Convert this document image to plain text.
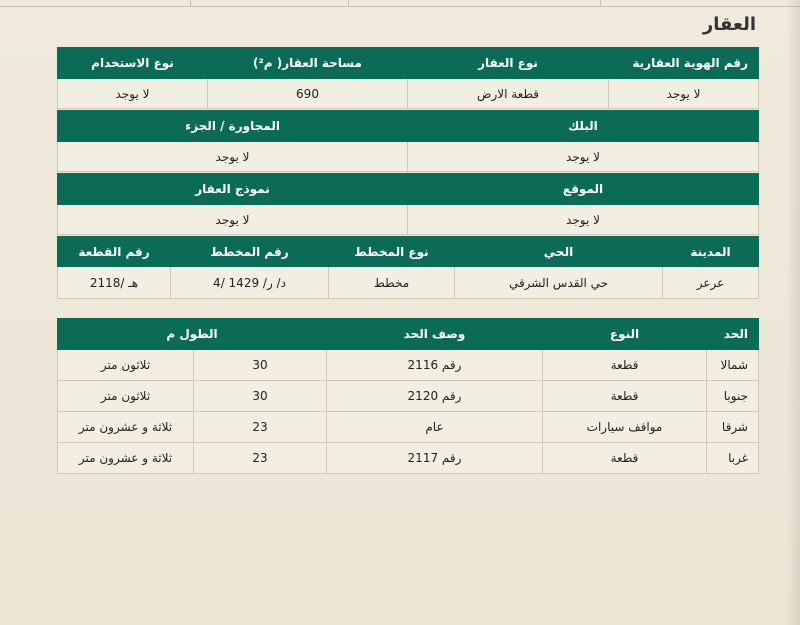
العقار
رقم الهوية العقارية	نوع العقار	مساحة العقار( م²)	نوع الاستخدام
لا يوجد	قطعة الارض	690	لا يوجد
البلك	المجاورة / الجزء
لا يوجد	لا يوجد
الموقع	نموذج العقار
لا يوجد	لا يوجد
المدينة	الحي	نوع المخطط	رقم المخطط	رقم القطعة
عرعر	حي القدس الشرقي	مخطط	د/ ر/ 1429 /4	هـ /2118
الحد	النوع	وصف الحد	الطول م	
شمالا	قطعة	رقم 2116	30	ثلاثون متر
جنوبا	قطعة	رقم 2120	30	ثلاثون متر
شرقا	مواقف سيارات	عام	23	ثلاثة و عشرون متر
غربا	قطعة	رقم 2117	23	ثلاثة و عشرون متر
